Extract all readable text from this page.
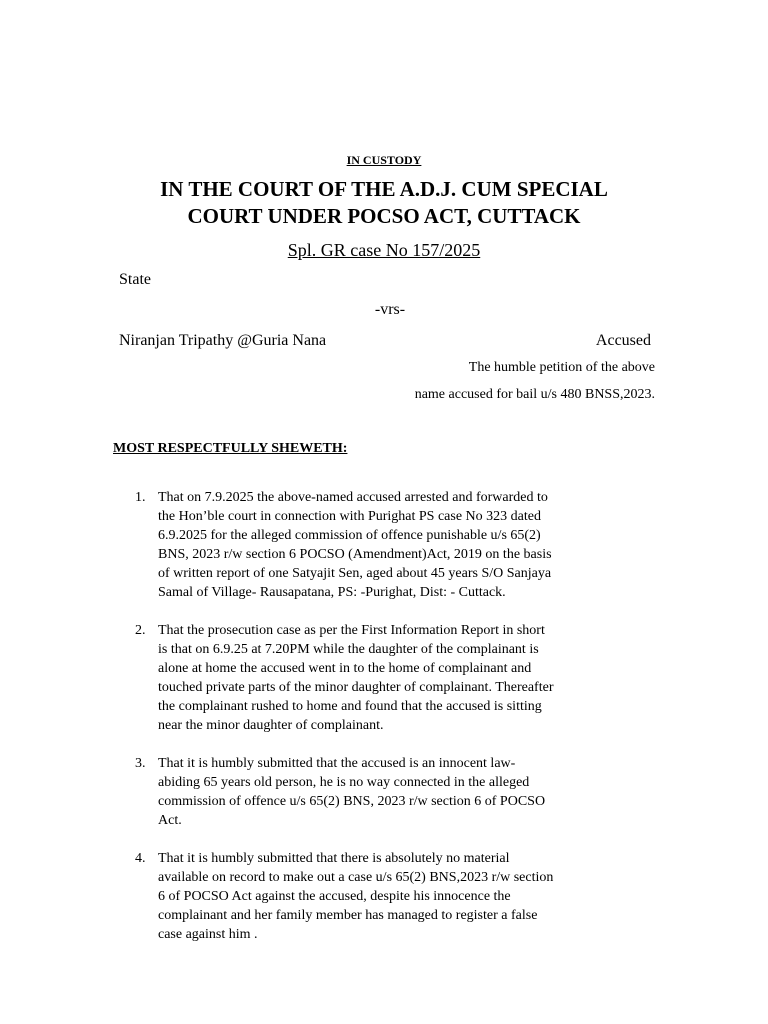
IN CUSTODY
IN THE COURT OF THE A.D.J. CUM SPECIAL
COURT UNDER POCSO ACT, CUTTACK
Spl. GR case No 157/2025
State
-vrs-
Niranjan Tripathy @Guria Nana	Accused
The humble petition of the above
name accused for bail u/s 480 BNSS,2023.
MOST RESPECTFULLY SHEWETH:
1. That on 7.9.2025 the above-named accused arrested and forwarded to
the Hon’ble court in connection with Purighat PS case No 323 dated
6.9.2025 for the alleged commission of offence punishable u/s 65(2)
BNS, 2023 r/w section 6 POCSO (Amendment)Act, 2019 on the basis
of written report of one Satyajit Sen, aged about 45 years S/O Sanjaya
Samal of Village- Rausapatana, PS: -Purighat, Dist: - Cuttack.
2. That the prosecution case as per the First Information Report in short
is that on 6.9.25 at 7.20PM while the daughter of the complainant is
alone at home the accused went in to the home of complainant and
touched private parts of the minor daughter of complainant. Thereafter
the complainant rushed to home and found that the accused is sitting
near the minor daughter of complainant.
3. That it is humbly submitted that the accused is an innocent law-
abiding 65 years old person, he is no way connected in the alleged
commission of offence u/s 65(2) BNS, 2023 r/w section 6 of POCSO
Act.
4. That it is humbly submitted that there is absolutely no material
available on record to make out a case u/s 65(2) BNS,2023 r/w section
6 of POCSO Act against the accused, despite his innocence the
complainant and her family member has managed to register a false
case against him .
